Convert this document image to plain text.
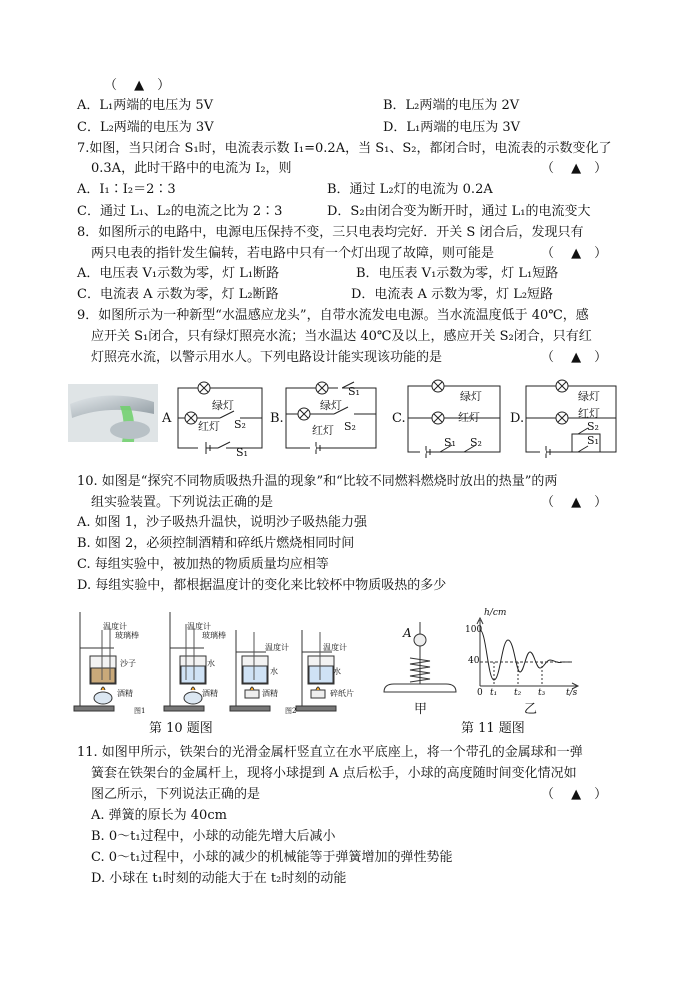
（　 ▲　）
A．L₁两端的电压为 5V	B．L₂两端的电压为 2V
C．L₂两端的电压为 3V	D．L₁两端的电压为 3V
7.如图，当只闭合 S₁时，电流表示数 I₁=0.2A，当 S₁、S₂，都闭合时，电流表的示数变化了
0.3A，此时干路中的电流为 I₂，则	（　 ▲　）
A．I₁∶I₂＝2∶3	B．通过 L₂灯的电流为 0.2A
C．通过 L₁、L₂的电流之比为 2∶3	D．S₂由闭合变为断开时，通过 L₁的电流变大
8．如图所示的电路中，电源电压保持不变，三只电表均完好．开关 S 闭合后，发现只有
两只电表的指针发生偏转，若电路中只有一个灯出现了故障，则可能是	（　 ▲　）
A．电压表 V₁示数为零，灯 L₁断路	B．电压表 V₁示数为零，灯 L₁短路
C．电流表 A 示数为零，灯 L₂断路	D．电流表 A 示数为零，灯 L₂短路
9．如图所示为一种新型“水温感应龙头”，自带水流发电电源。当水流温度低于 40℃，感
应开关 S₁闭合，只有绿灯照亮水流；当水温达 40℃及以上，感应开关 S₂闭合，只有红
灯照亮水流，以警示用水人。下列电路设计能实现该功能的是	（　 ▲　）
A	B.	C.	D.
绿灯
红灯 S₂
S₁
绿灯
S₁
红灯 S₂
绿灯
红灯
S₁ S₂
绿灯
红灯
S₂
S₁
10. 如图是“探究不同物质吸热升温的现象”和“比较不同燃料燃烧时放出的热量”的两
组实验装置。下列说法正确的是	（　 ▲　）
A. 如图 1，沙子吸热升温快，说明沙子吸热能力强
B. 如图 2，必须控制酒精和碎纸片燃烧相同时间
C. 每组实验中，被加热的物质质量均应相等
D. 每组实验中，都根据温度计的变化来比较杯中物质吸热的多少
温度计
玻璃棒
沙子
酒精
温度计
玻璃棒
水
酒精
图1
温度计
水
酒精
图2
温度计
水
碎纸片
第 10 题图
A
甲
h/cm
100
40
0 t₁ t₂ t₃ t/s
乙
第 11 题图
11. 如图甲所示，铁架台的光滑金属杆竖直立在水平底座上，将一个带孔的金属球和一弹
簧套在铁架台的金属杆上，现将小球提到 A 点后松手，小球的高度随时间变化情况如
图乙所示，下列说法正确的是	（　 ▲　）
A. 弹簧的原长为 40cm
B. 0～t₁过程中，小球的动能先增大后减小
C. 0～t₁过程中，小球的减少的机械能等于弹簧增加的弹性势能
D. 小球在 t₁时刻的动能大于在 t₂时刻的动能
